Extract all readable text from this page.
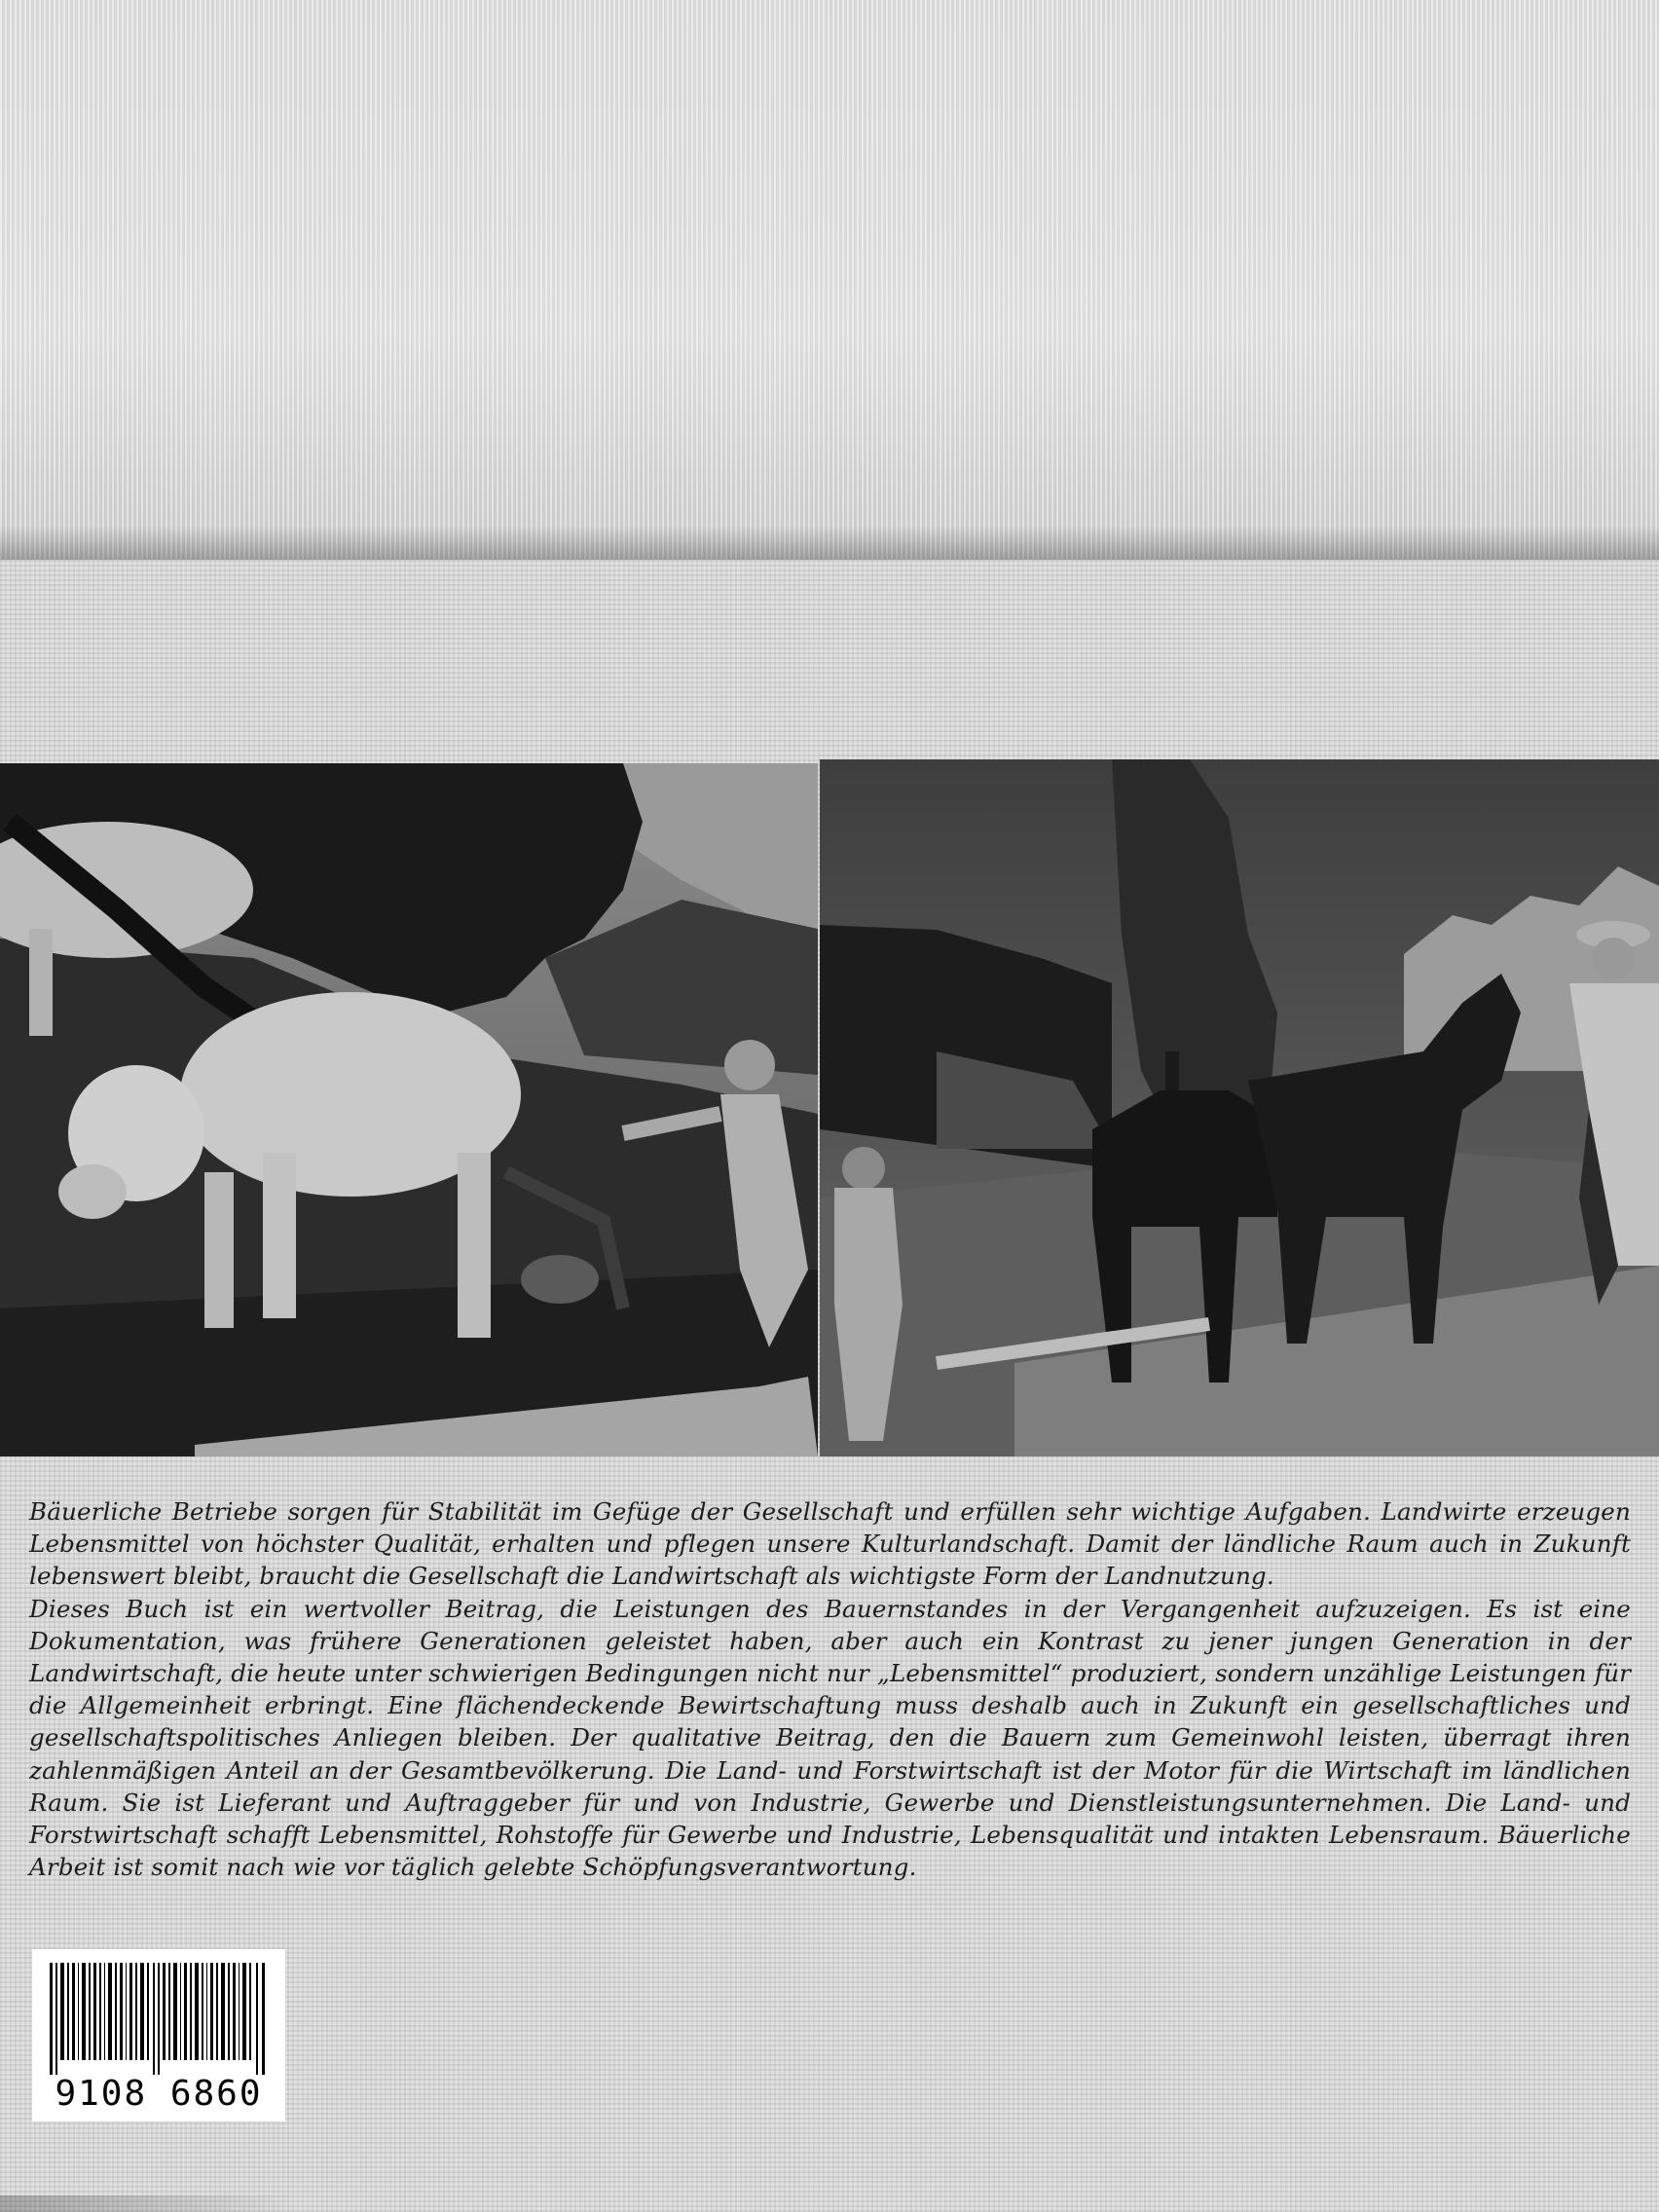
Bäuerliche Betriebe sorgen für Stabilität im Gefüge der Gesellschaft und erfüllen sehr wichtige Aufgaben. Landwirte erzeugen Lebensmittel von höchster Qualität, erhalten und pflegen unsere Kulturlandschaft. Damit der ländliche Raum auch in Zukunft lebenswert bleibt, braucht die Gesellschaft die Landwirtschaft als wichtigste Form der Landnutzung.

Dieses Buch ist ein wertvoller Beitrag, die Leistungen des Bauernstandes in der Vergangenheit aufzuzeigen. Es ist eine Dokumentation, was frühere Generationen geleistet haben, aber auch ein Kontrast zu jener jungen Generation in der Landwirtschaft, die heute unter schwierigen Bedingungen nicht nur „Lebensmittel“ produziert, sondern unzählige Leistungen für die Allgemeinheit erbringt. Eine flächendeckende Bewirtschaftung muss deshalb auch in Zukunft ein gesellschaftliches und gesellschaftspolitisches Anliegen bleiben. Der qualitative Beitrag, den die Bauern zum Gemeinwohl leisten, überragt ihren zahlenmäßigen Anteil an der Gesamtbevölkerung. Die Land- und Forstwirtschaft ist der Motor für die Wirtschaft im ländlichen Raum. Sie ist Lieferant und Auftraggeber für und von Industrie, Gewerbe und Dienstleistungsunternehmen. Die Land- und Forstwirtschaft schafft Lebensmittel, Rohstoffe für Gewerbe und Industrie, Lebensqualität und intakten Lebensraum. Bäuerliche Arbeit ist somit nach wie vor täglich gelebte Schöpfungsverantwortung.

9108 6860
